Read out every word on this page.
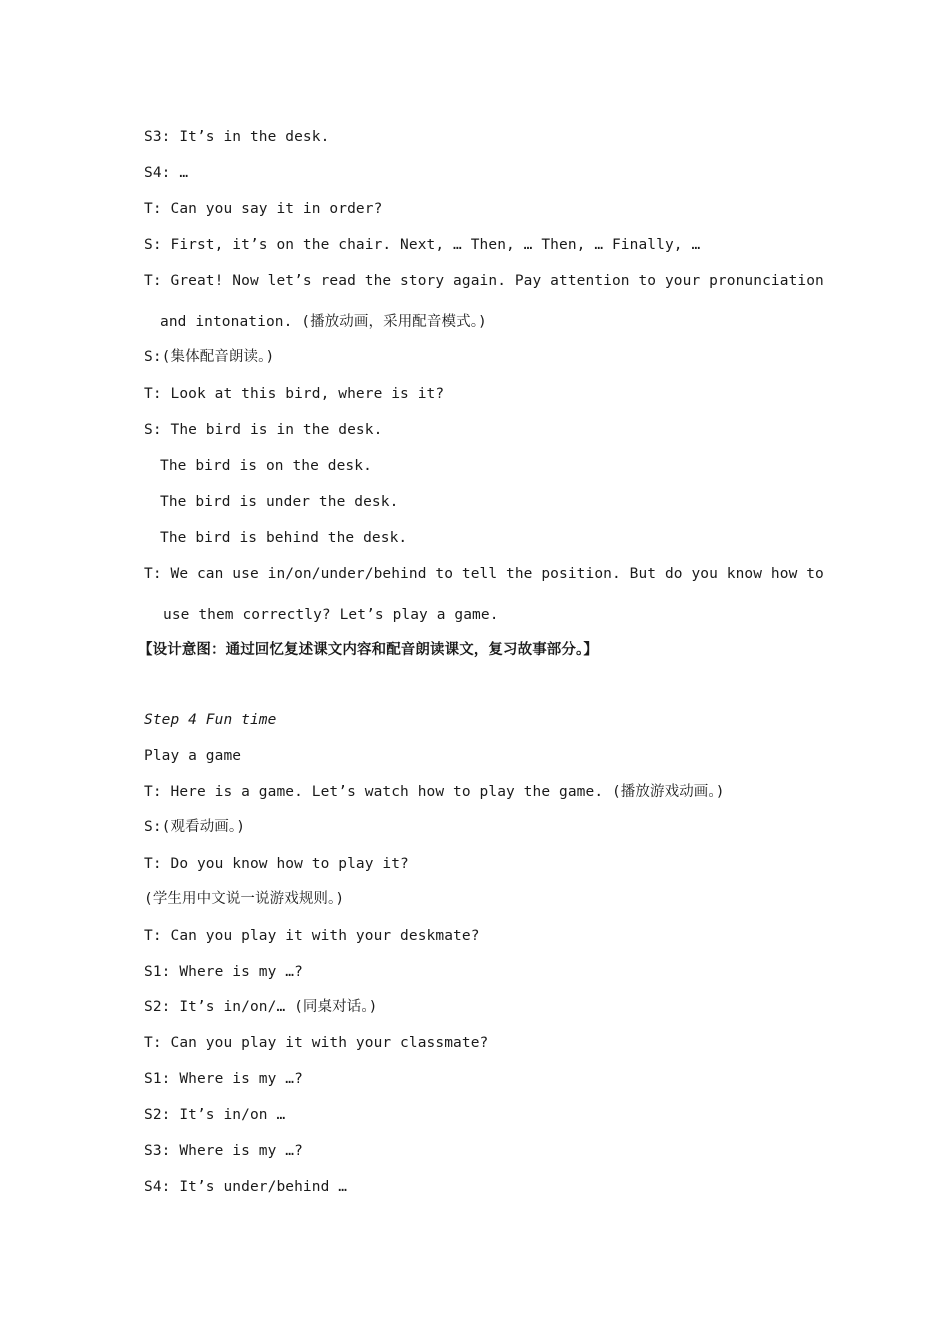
S3: It’s in the desk.
S4: …
T: Can you say it in order?
S: First, it’s on the chair. Next, … Then, … Then, … Finally, …
T: Great! Now let’s read the story again. Pay attention to your pronunciation
and intonation. (播放动画，采用配音模式。)
S:(集体配音朗读。)
T: Look at this bird, where is it?
S: The bird is in the desk.
The bird is on the desk.
The bird is under the desk.
The bird is behind the desk.
T: We can use in/on/under/behind to tell the position. But do you know how to
use them correctly? Let’s play a game.
【设计意图：通过回忆复述课文内容和配音朗读课文，复习故事部分。】
Step 4 Fun time
Play a game
T: Here is a game. Let’s watch how to play the game. (播放游戏动画。)
S:(观看动画。)
T: Do you know how to play it?
(学生用中文说一说游戏规则。)
T: Can you play it with your deskmate?
S1: Where is my …?
S2: It’s in/on/… (同桌对话。)
T: Can you play it with your classmate?
S1: Where is my …?
S2: It’s in/on …
S3: Where is my …?
S4: It’s under/behind …
